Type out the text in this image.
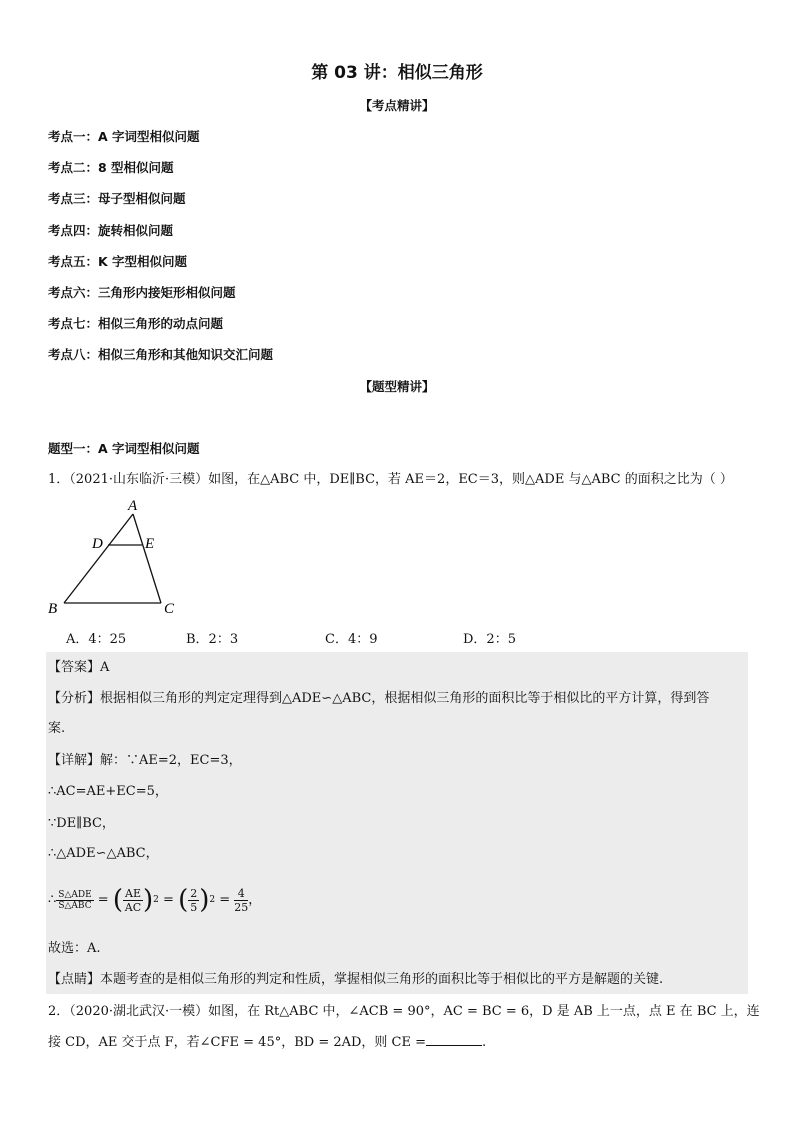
第 03 讲：相似三角形
【考点精讲】
考点一：A 字词型相似问题
考点二：8 型相似问题
考点三：母子型相似问题
考点四：旋转相似问题
考点五：K 字型相似问题
考点六：三角形内接矩形相似问题
考点七：相似三角形的动点问题
考点八：相似三角形和其他知识交汇问题
【题型精讲】
题型一：A 字词型相似问题
1．（2021·山东临沂·三模）如图，在△ABC 中，DE∥BC，若 AE＝2，EC＝3，则△ADE 与△ABC 的面积之比为（ ）
A
D	E
B	C
A．4：25	B．2：3	C．4：9	D．2：5
【答案】A
【分析】根据相似三角形的判定定理得到△ADE∽△ABC，根据相似三角形的面积比等于相似比的平方计算，得到答
案.
【详解】解：∵AE=2，EC=3，
∴AC=AE+EC=5，
∵DE∥BC，
∴△ADE∽△ABC，
∴ $\frac{\text{S△ADE}}{\text{S△ABC}}$ = ( $\frac{AE}{AC} )^2$ = ( $\frac{2}{5} )^2 = \frac{4}{25}$ ，
故选：A.
【点睛】本题考查的是相似三角形的判定和性质，掌握相似三角形的面积比等于相似比的平方是解题的关键.
2．（2020·湖北武汉·一模）如图，在 Rt△ABC 中，∠ACB = 90°，AC = BC = 6，D 是 AB 上一点，点 E 在 BC 上，连
接 CD，AE 交于点 F，若∠CFE = 45°，BD = 2AD，则 CE =	.
